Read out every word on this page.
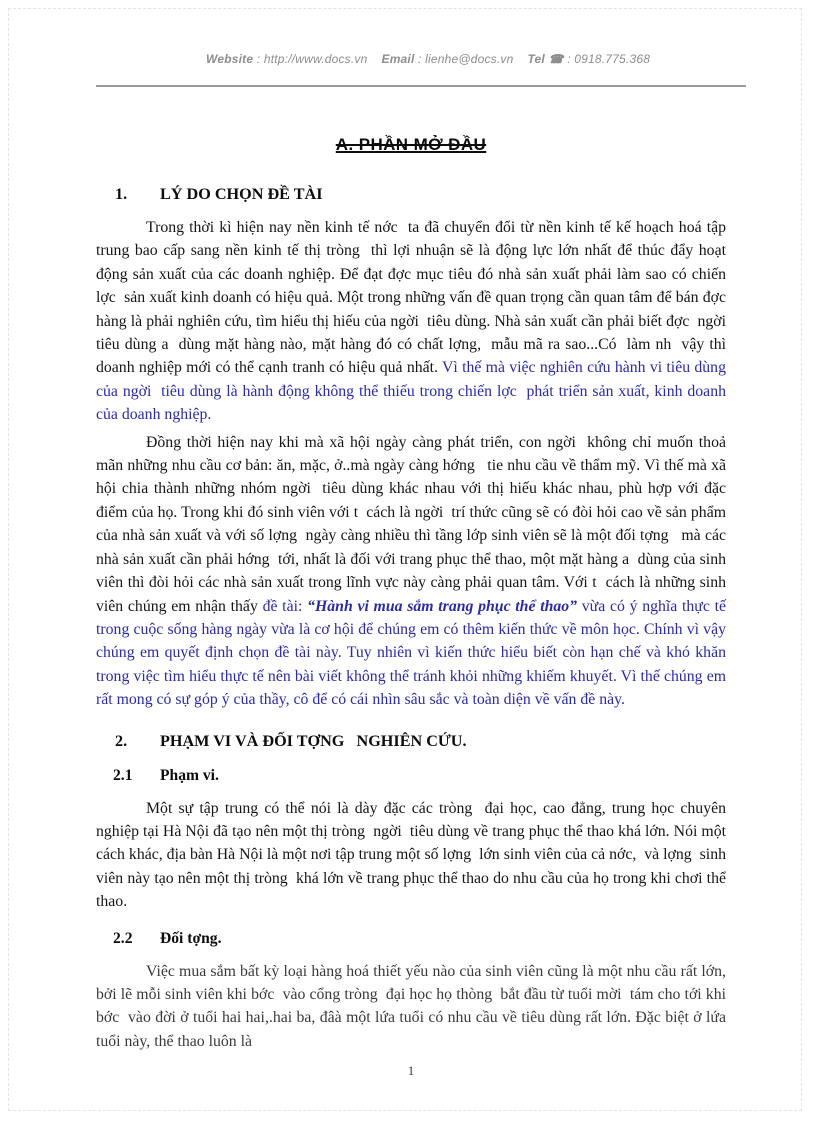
Website : http://www.docs.vn Email : lienhe@docs.vn Tel ☎ : 0918.775.368

A. PHẦN MỞ ĐẦU
1.	LÝ DO CHỌN ĐỀ TÀI

Trong thời kì hiện nay nền kinh tế nớc  ta đã chuyển đổi từ nền kinh tế kế hoạch hoá tập trung bao cấp sang nền kinh tế thị tròng  thì lợi nhuận sẽ là động lực lớn nhất để thúc đẩy hoạt động sản xuất của các doanh nghiệp. Để đạt đợc mục tiêu đó nhà sản xuất phải làm sao có chiến lợc  sản xuất kinh doanh có hiệu quả. Một trong những vấn đề quan trọng cần quan tâm để bán đợc  hàng là phải nghiên cứu, tìm hiểu thị hiếu của ngời  tiêu dùng. Nhà sản xuất cần phải biết đợc  ngời  tiêu dùng a  dùng mặt hàng nào, mặt hàng đó có chất lợng,  mẫu mã ra sao...Có  làm nh  vậy thì doanh nghiệp mới có thể cạnh tranh có hiệu quả nhất. Vì thế mà việc nghiên cứu hành vi tiêu dùng của ngời  tiêu dùng là hành động không thể thiếu trong chiến lợc  phát triển sản xuất, kinh doanh của doanh nghiệp.

Đồng thời hiện nay khi mà xã hội ngày càng phát triển, con ngời  không chỉ muốn thoả mãn những nhu cầu cơ bản: ăn, mặc, ở..mà ngày càng hớng   tie nhu cầu về thẩm mỹ. Vì thế mà xã hội chia thành những nhóm ngời  tiêu dùng khác nhau với thị hiếu khác nhau, phù hợp với đặc điểm của họ. Trong khi đó sinh viên với t  cách là ngời  trí thức cũng sẽ có đòi hỏi cao về sản phẩm của nhà sản xuất và với số lợng  ngày càng nhiều thì tầng lớp sinh viên sẽ là một đối tợng   mà các nhà sản xuất cần phải hớng  tới, nhất là đối với trang phục thể thao, một mặt hàng a  dùng của sinh viên thì đòi hỏi các nhà sản xuất trong lĩnh vực này càng phải quan tâm. Với t  cách là những sinh viên chúng em nhận thấy đề tài: “Hành vi mua sắm trang phục thể thao” vừa có ý nghĩa thực tế trong cuộc sống hàng ngày vừa là cơ hội để chúng em có thêm kiến thức về môn học. Chính vì vậy chúng em quyết định chọn đề tài này. Tuy nhiên vì kiến thức hiểu biết còn hạn chế và khó khăn trong việc tìm hiểu thực tế nên bài viết không thể tránh khỏi những khiếm khuyết. Vì thế chúng em rất mong có sự góp ý của thầy, cô để có cái nhìn sâu sắc và toàn diện về vấn đề này.

2.	PHẠM VI VÀ ĐỐI TỢNG   NGHIÊN CỨU.
2.1	Phạm vi.

Một sự tập trung có thể nói là dày đặc các tròng  đại học, cao đẳng, trung học chuyên nghiệp tại Hà Nội đã tạo nên một thị tròng  ngời  tiêu dùng về trang phục thể thao khá lớn. Nói một cách khác, địa bàn Hà Nội là một nơi tập trung một số lợng  lớn sinh viên của cả nớc,  và lợng  sinh viên này tạo nên một thị tròng  khá lớn về trang phục thể thao do nhu cầu của họ trong khi chơi thể thao.

2.2	Đối tợng.

Việc mua sắm bất kỳ loại hàng hoá thiết yếu nào của sinh viên cũng là một nhu cầu rất lớn, bởi lẽ mỗi sinh viên khi bớc  vào cổng tròng  đại học họ thòng  bắt đầu từ tuổi mời  tám cho tới khi bớc  vào đời ở tuổi hai hai,.hai ba, đâà một lứa tuổi có nhu cầu về tiêu dùng rất lớn. Đặc biệt ở lứa tuổi này, thể thao luôn là

1
